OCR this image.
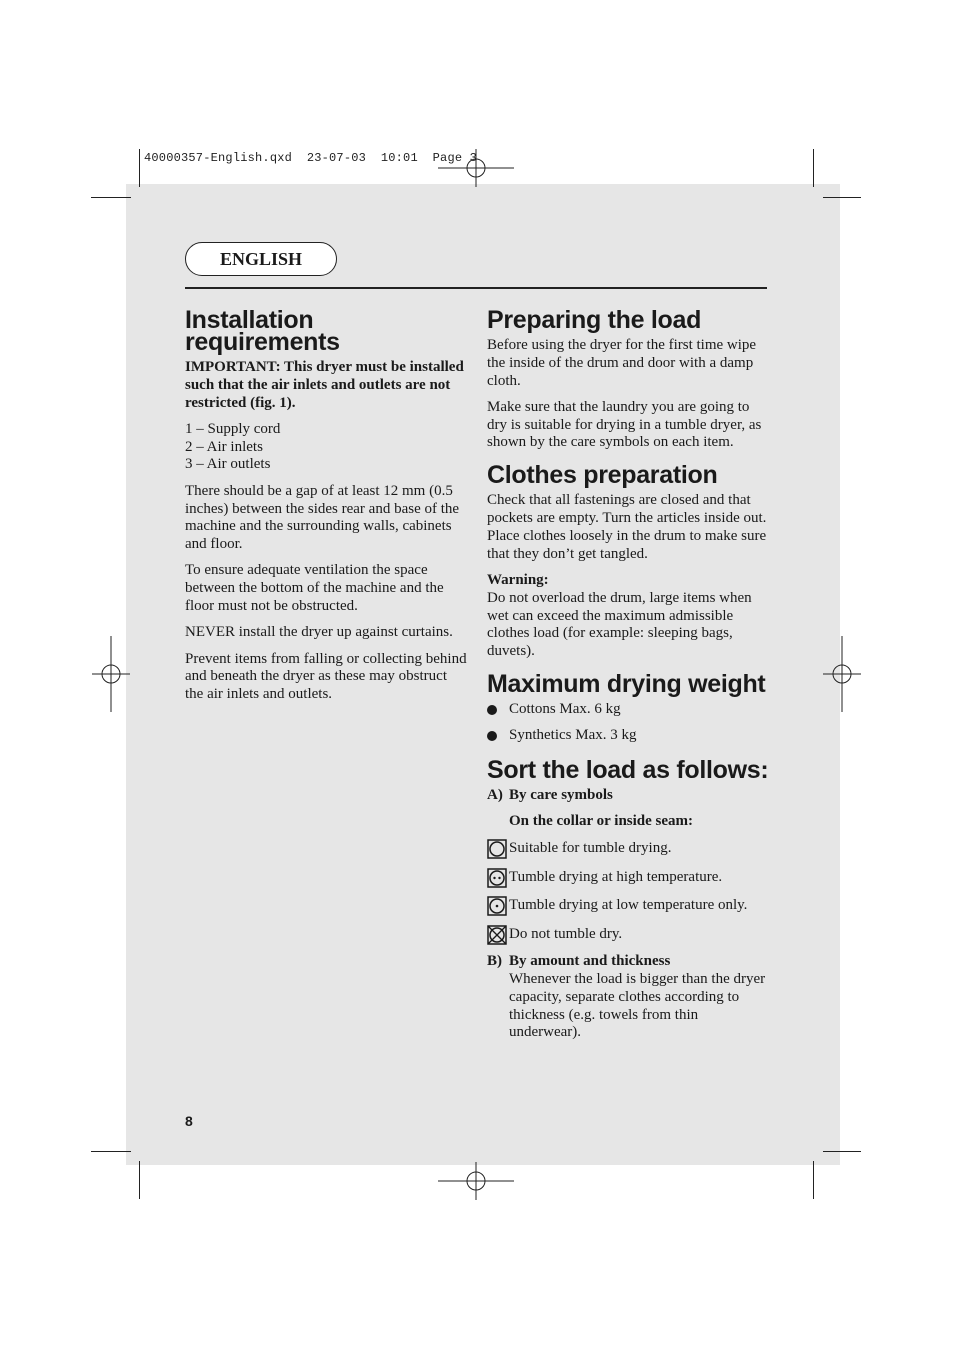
40000357-English.qxd  23-07-03  10:01  Page 3
ENGLISH
Installation requirements

IMPORTANT: This dryer must be installed such that the air inlets and outlets are not restricted (fig. 1).

1 – Supply cord
2 – Air inlets
3 – Air outlets

There should be a gap of at least 12 mm (0.5 inches) between the sides rear and base of the machine and the surrounding walls, cabinets and floor.

To ensure adequate ventilation the space between the bottom of the machine and the floor must not be obstructed.

NEVER install the dryer up against curtains.

Prevent items from falling or collecting behind and beneath the dryer as these may obstruct the air inlets and outlets.

Preparing the load

Before using the dryer for the first time wipe the inside of the drum and door with a damp cloth.

Make sure that the laundry you are going to dry is suitable for drying in a tumble dryer, as shown by the care symbols on each item.

Clothes preparation

Check that all fastenings are closed and that pockets are empty. Turn the articles inside out. Place clothes loosely in the drum to make sure that they don’t get tangled.

Warning:

Do not overload the drum, large items when wet can exceed the maximum admissible clothes load (for example: sleeping bags, duvets).

Maximum drying weight
Cottons Max. 6 kg
Synthetics Max. 3 kg
Sort the load as follows:
A) By care symbols

On the collar or inside seam:

Suitable for tumble drying.
Tumble drying at high temperature.
Tumble drying at low temperature only.
Do not tumble dry.
B) By amount and thickness
Whenever the load is bigger than the dryer capacity, separate clothes according to thickness (e.g. towels from thin underwear).
8
